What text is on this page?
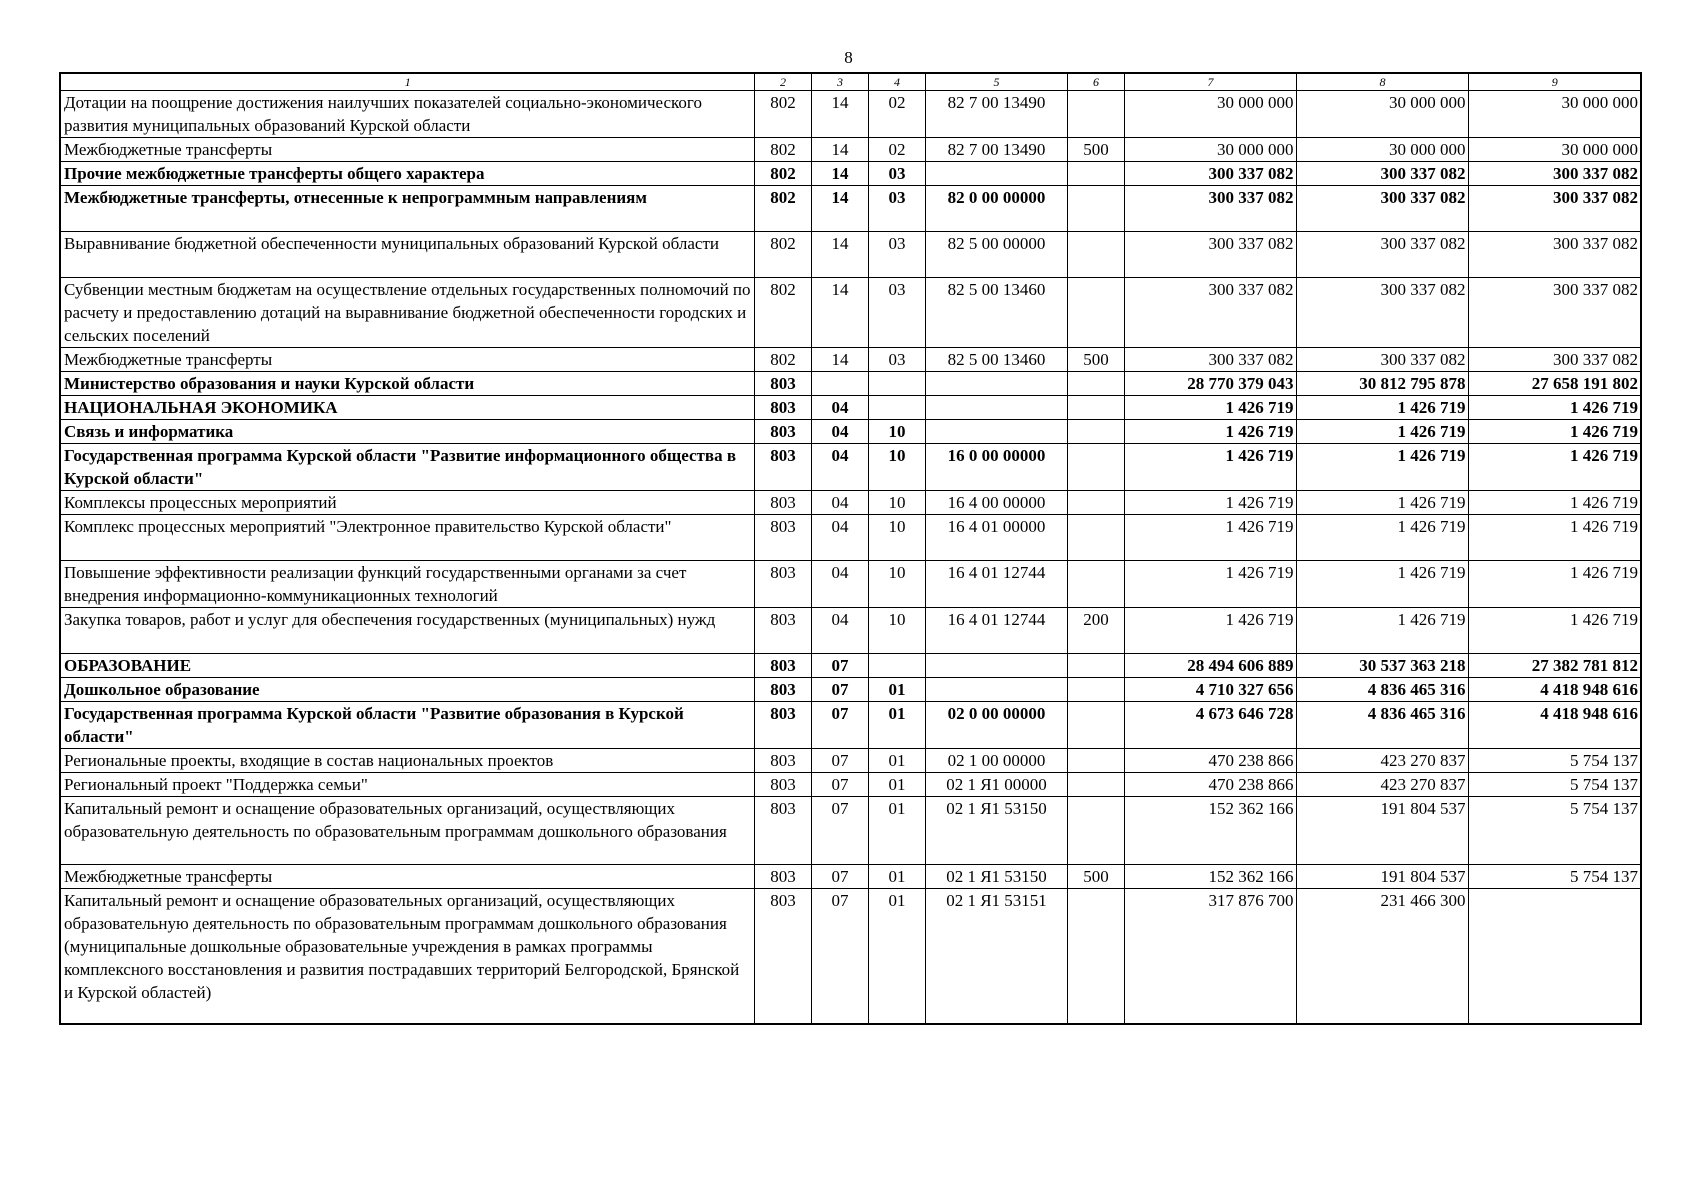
8
1	2	3	4	5	6	7	8	9
Дотации на поощрение достижения наилучших показателей социально-экономического развития муниципальных образований Курской области	802	14	02	82 7 00 13490		30 000 000	30 000 000	30 000 000
Межбюджетные трансферты	802	14	02	82 7 00 13490	500	30 000 000	30 000 000	30 000 000
Прочие межбюджетные трансферты общего характера	802	14	03			300 337 082	300 337 082	300 337 082
Межбюджетные трансферты, отнесенные к непрограммным направлениям	802	14	03	82 0 00 00000		300 337 082	300 337 082	300 337 082
Выравнивание бюджетной обеспеченности муниципальных образований Курской области	802	14	03	82 5 00 00000		300 337 082	300 337 082	300 337 082
Субвенции местным бюджетам на осуществление отдельных государственных полномочий по расчету и предоставлению дотаций на выравнивание бюджетной обеспеченности городских и сельских поселений	802	14	03	82 5 00 13460		300 337 082	300 337 082	300 337 082
Межбюджетные трансферты	802	14	03	82 5 00 13460	500	300 337 082	300 337 082	300 337 082
Министерство образования и науки Курской области	803					28 770 379 043	30 812 795 878	27 658 191 802
НАЦИОНАЛЬНАЯ ЭКОНОМИКА	803	04				1 426 719	1 426 719	1 426 719
Связь и информатика	803	04	10			1 426 719	1 426 719	1 426 719
Государственная программа Курской области "Развитие информационного общества в Курской области"	803	04	10	16 0 00 00000		1 426 719	1 426 719	1 426 719
Комплексы процессных мероприятий	803	04	10	16 4 00 00000		1 426 719	1 426 719	1 426 719
Комплекс процессных мероприятий "Электронное правительство Курской области"	803	04	10	16 4 01 00000		1 426 719	1 426 719	1 426 719
Повышение эффективности реализации функций государственными органами за счет внедрения информационно-коммуникационных технологий	803	04	10	16 4 01 12744		1 426 719	1 426 719	1 426 719
Закупка товаров, работ и услуг для обеспечения государственных (муниципальных) нужд	803	04	10	16 4 01 12744	200	1 426 719	1 426 719	1 426 719
ОБРАЗОВАНИЕ	803	07				28 494 606 889	30 537 363 218	27 382 781 812
Дошкольное образование	803	07	01			4 710 327 656	4 836 465 316	4 418 948 616
Государственная программа Курской области "Развитие образования в Курской области"	803	07	01	02 0 00 00000		4 673 646 728	4 836 465 316	4 418 948 616
Региональные проекты, входящие в состав национальных проектов	803	07	01	02 1 00 00000		470 238 866	423 270 837	5 754 137
Региональный проект "Поддержка семьи"	803	07	01	02 1 Я1 00000		470 238 866	423 270 837	5 754 137
Капитальный ремонт и оснащение образовательных организаций, осуществляющих образовательную деятельность по образовательным программам дошкольного образования	803	07	01	02 1 Я1 53150		152 362 166	191 804 537	5 754 137
Межбюджетные трансферты	803	07	01	02 1 Я1 53150	500	152 362 166	191 804 537	5 754 137
Капитальный ремонт и оснащение образовательных организаций, осуществляющих образовательную деятельность по образовательным программам дошкольного образования (муниципальные дошкольные образовательные учреждения в рамках программы комплексного восстановления и развития пострадавших территорий Белгородской, Брянской и Курской областей)	803	07	01	02 1 Я1 53151		317 876 700	231 466 300	
